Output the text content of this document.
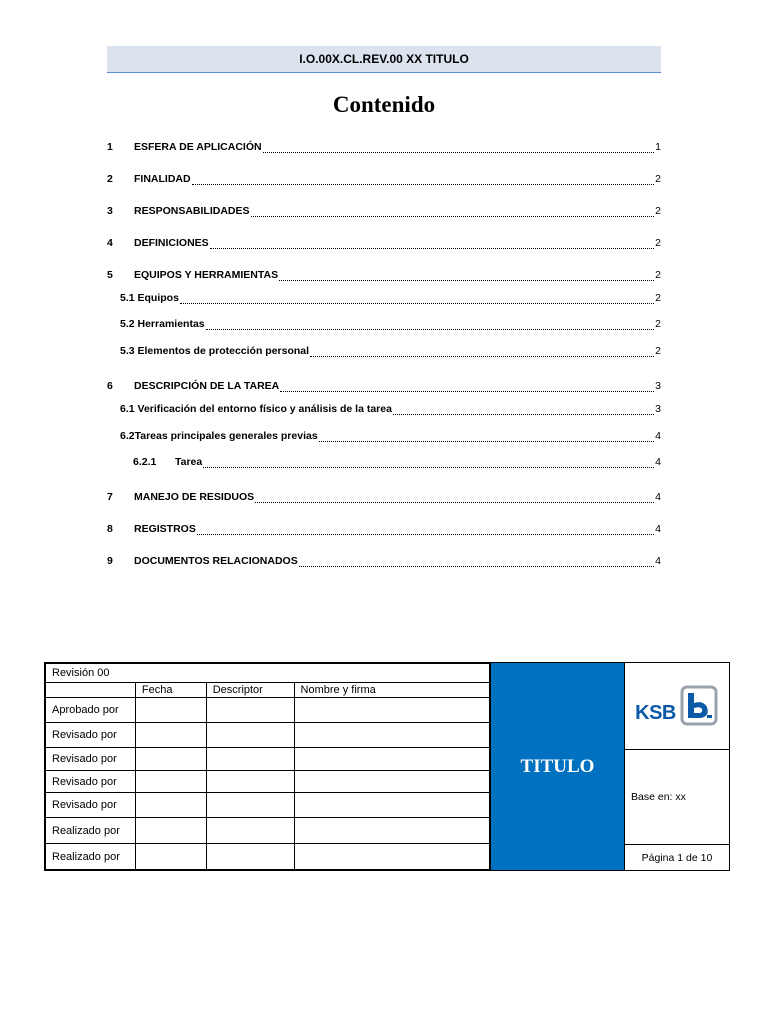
I.O.00X.CL.REV.00 XX TITULO
Contenido
1	ESFERA DE APLICACIÓN	1
2	FINALIDAD	2
3	RESPONSABILIDADES	2
4	DEFINICIONES	2
5	EQUIPOS Y HERRAMIENTAS	2
5.1 Equipos	2
5.2 Herramientas	2
5.3 Elementos de protección personal	2
6	DESCRIPCIÓN DE LA TAREA	3
6.1 Verificación del entorno físico y análisis de la tarea	3
6.2Tareas principales generales previas	4
6.2.1	Tarea	4
7	MANEJO DE RESIDUOS	4
8	REGISTROS	4
9	DOCUMENTOS RELACIONADOS	4
Revisión 00			
	Fecha	Descriptor	Nombre y firma
Aprobado por			
Revisado por			
Revisado por			
Revisado por			
Revisado por			
Realizado por			
Realizado por			
TITULO
KSB
Base en: xx
Página 1 de 10
